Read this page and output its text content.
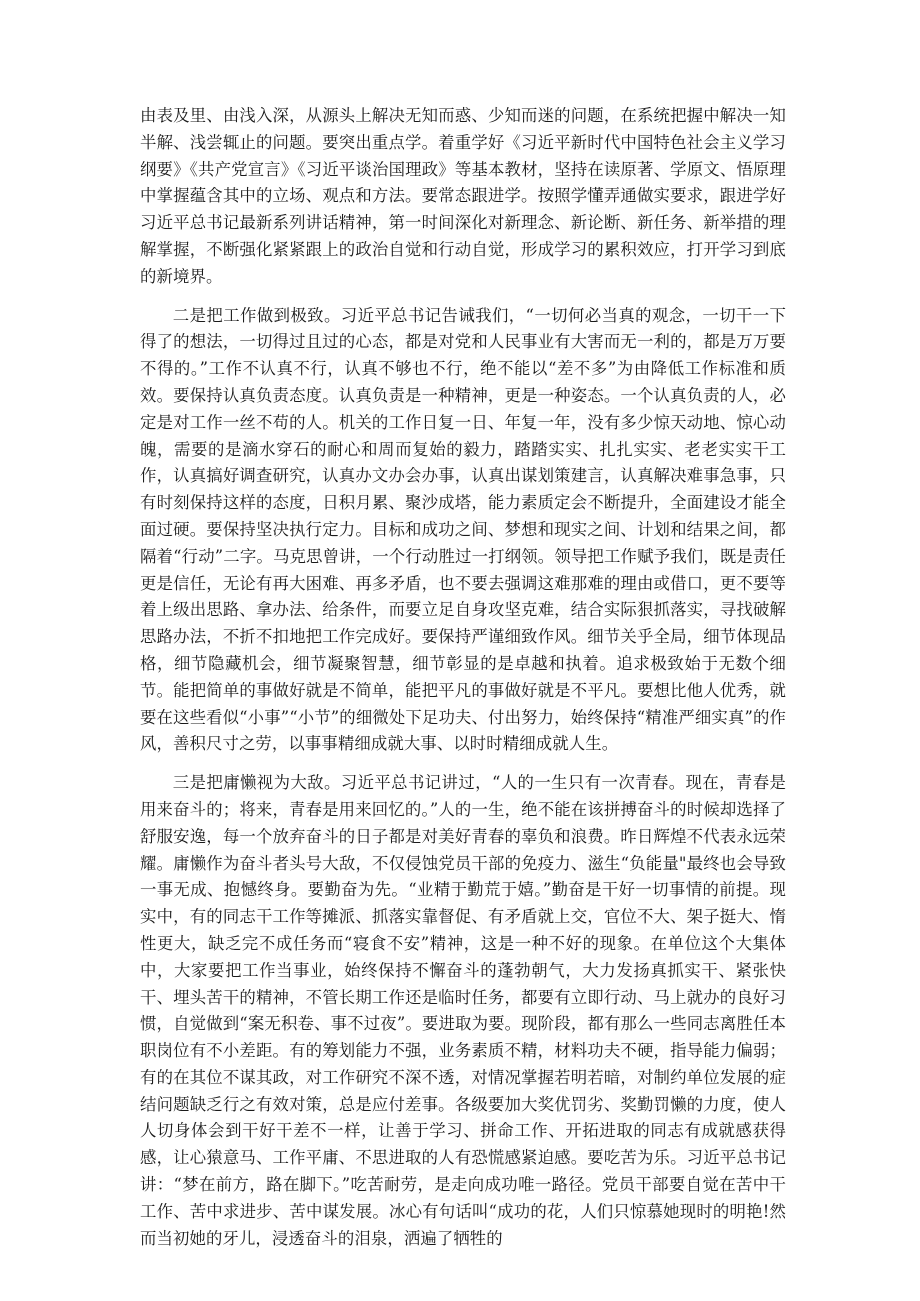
由表及里、由浅入深，从源头上解决无知而惑、少知而迷的问题，在系统把握中解决一知半解、浅尝辄止的问题。要突出重点学。着重学好《习近平新时代中国特色社会主义学习纲要》《共产党宣言》《习近平谈治国理政》等基本教材，坚持在读原著、学原文、悟原理中掌握蕴含其中的立场、观点和方法。要常态跟进学。按照学懂弄通做实要求，跟进学好习近平总书记最新系列讲话精神，第一时间深化对新理念、新论断、新任务、新举措的理解掌握，不断强化紧紧跟上的政治自觉和行动自觉，形成学习的累积效应，打开学习到底的新境界。

二是把工作做到极致。习近平总书记告诫我们，“一切何必当真的观念，一切干一下得了的想法，一切得过且过的心态，都是对党和人民事业有大害而无一利的，都是万万要不得的。”工作不认真不行，认真不够也不行，绝不能以“差不多”为由降低工作标准和质效。要保持认真负责态度。认真负责是一种精神，更是一种姿态。一个认真负责的人，必定是对工作一丝不苟的人。机关的工作日复一日、年复一年，没有多少惊天动地、惊心动魄，需要的是滴水穿石的耐心和周而复始的毅力，踏踏实实、扎扎实实、老老实实干工作，认真搞好调查研究，认真办文办会办事，认真出谋划策建言，认真解决难事急事，只有时刻保持这样的态度，日积月累、聚沙成塔，能力素质定会不断提升，全面建设才能全面过硬。要保持坚决执行定力。目标和成功之间、梦想和现实之间、计划和结果之间，都隔着“行动”二字。马克思曾讲，一个行动胜过一打纲领。领导把工作赋予我们，既是责任更是信任，无论有再大困难、再多矛盾，也不要去强调这难那难的理由或借口，更不要等着上级出思路、拿办法、给条件，而要立足自身攻坚克难，结合实际狠抓落实，寻找破解思路办法，不折不扣地把工作完成好。要保持严谨细致作风。细节关乎全局，细节体现品格，细节隐藏机会，细节凝聚智慧，细节彰显的是卓越和执着。追求极致始于无数个细节。能把简单的事做好就是不简单，能把平凡的事做好就是不平凡。要想比他人优秀，就要在这些看似“小事”“小节”的细微处下足功夫、付出努力，始终保持“精准严细实真”的作风，善积尺寸之劳，以事事精细成就大事、以时时精细成就人生。

三是把庸懒视为大敌。习近平总书记讲过，“人的一生只有一次青春。现在，青春是用来奋斗的；将来，青春是用来回忆的。”人的一生，绝不能在该拼搏奋斗的时候却选择了舒服安逸，每一个放弃奋斗的日子都是对美好青春的辜负和浪费。昨日辉煌不代表永远荣耀。庸懒作为奋斗者头号大敌，不仅侵蚀党员干部的免疫力、滋生“负能量"最终也会导致一事无成、抱憾终身。要勤奋为先。“业精于勤荒于嬉。”勤奋是干好一切事情的前提。现实中，有的同志干工作等摊派、抓落实靠督促、有矛盾就上交，官位不大、架子挺大、惰性更大，缺乏完不成任务而“寝食不安”精神，这是一种不好的现象。在单位这个大集体中，大家要把工作当事业，始终保持不懈奋斗的蓬勃朝气，大力发扬真抓实干、紧张快干、埋头苦干的精神，不管长期工作还是临时任务，都要有立即行动、马上就办的良好习惯，自觉做到“案无积卷、事不过夜”。要进取为要。现阶段，都有那么一些同志离胜任本职岗位有不小差距。有的筹划能力不强，业务素质不精，材料功夫不硬，指导能力偏弱；有的在其位不谋其政，对工作研究不深不透，对情况掌握若明若暗，对制约单位发展的症结问题缺乏行之有效对策，总是应付差事。各级要加大奖优罚劣、奖勤罚懒的力度，使人人切身体会到干好干差不一样，让善于学习、拼命工作、开拓进取的同志有成就感获得感，让心猿意马、工作平庸、不思进取的人有恐慌感紧迫感。要吃苦为乐。习近平总书记讲：“梦在前方，路在脚下。”吃苦耐劳，是走向成功唯一路径。党员干部要自觉在苦中干工作、苦中求进步、苦中谋发展。冰心有句话叫“成功的花，人们只惊慕她现时的明艳!然而当初她的牙儿，浸透奋斗的泪泉，洒遍了牺牲的
